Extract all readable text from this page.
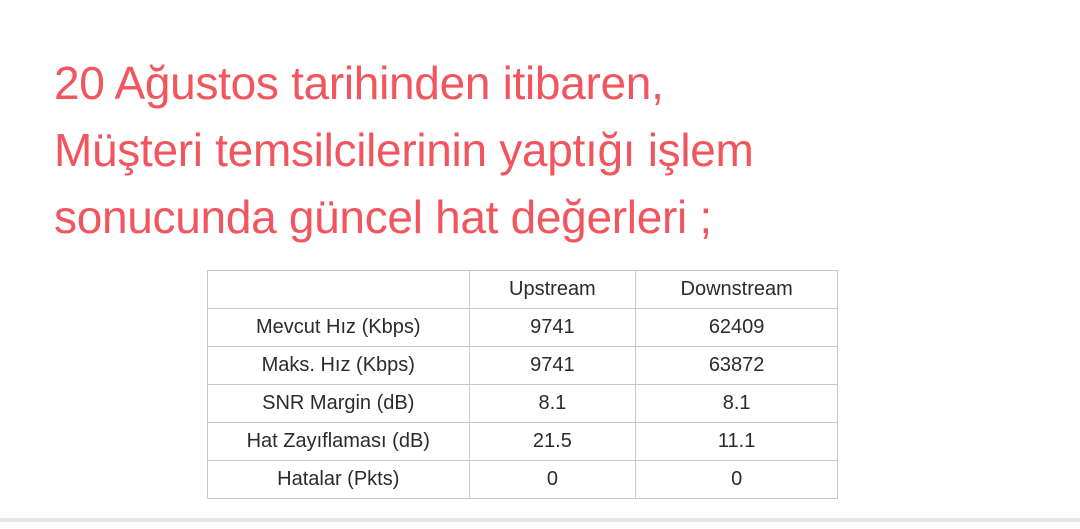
20 Ağustos tarihinden itibaren,
Müşteri temsilcilerinin yaptığı işlem
sonucunda güncel hat değerleri ;
	Upstream	Downstream
Mevcut Hız (Kbps)	9741	62409
Maks. Hız (Kbps)	9741	63872
SNR Margin (dB)	8.1	8.1
Hat Zayıflaması (dB)	21.5	11.1
Hatalar (Pkts)	0	0
